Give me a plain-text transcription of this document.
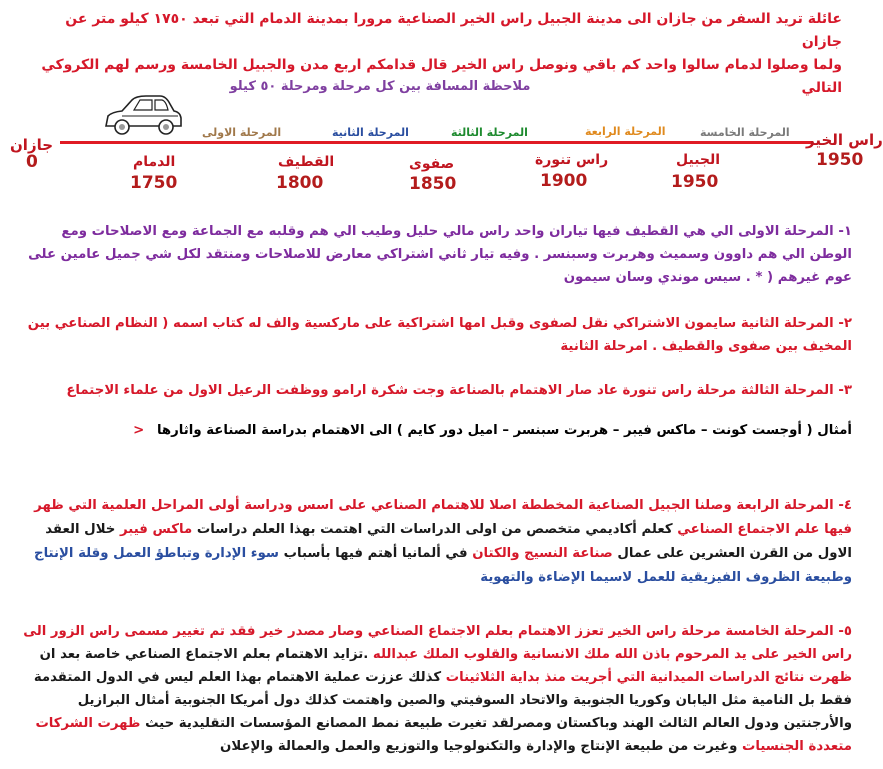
عائلة تريد السفر من جازان الى مدينة الجبيل راس الخير الصناعية مرورا بمدينة الدمام التي تبعد ١٧٥٠ كيلو متر عن جازان
ولما وصلوا لدمام سالوا واحد كم باقي ونوصل راس الخير قال قدامكم اربع مدن والجبيل الخامسة ورسم لهم الكروكي التالي
ملاحظة المسافة بين كل مرحلة ومرحلة ٥٠ كيلو
المرحلة الخامسة
المرحلة الرابعة
المرحلة الثالثة
المرحلة الثانية
المرحلة الاولى	راس الخير
1950
جازان
0	الجبيل
1950
راس تنورة
1900
صفوى
1850
القطيف
1800
الدمام
1750
١- المرحلة الاولى الي هي القطيف فيها تياران واحد راس مالي حليل وطيب الي هم وقلبه مع الجماعة ومع الاصلاحات ومع الوطن الي هم داوون وسميث وهربرت وسبنسر . وفيه تيار ثاني اشتراكي معارض للاصلاحات ومنتقد لكل شي جميل عامين على عوم غيرهم ( * . سيس موندي وسان سيمون
٢- المرحلة الثانية سايمون الاشتراكي نقل لصفوى وقبل امها اشتراكية على ماركسية والف له كتاب اسمه ( النظام الصناعي بين المخيف بين صفوى والقطيف . امرحلة الثانية
٣- المرحلة الثالثة مرحلة راس تنورة عاد صار الاهتمام بالصناعة وجت شكرة ارامو ووظفت الرعيل الاول من علماء الاجتماع
أمثال ( أوجست كونت – ماكس فيبر – هربرت سبنسر – اميل دور كايم ) الى الاهتمام بدراسة الصناعة واثارها <
٤- المرحلة الرابعة وصلنا الجبيل الصناعية المخططة اصلا للاهتمام الصناعي على اسس ودراسة أولى المراحل العلمية التي ظهر فيها علم الاجتماع الصناعي كعلم أكاديمي متخصص من اولى الدراسات التي اهتمت بهذا العلم دراسات ماكس فيبر خلال العقد الاول من القرن العشرين على عمال صناعة النسيج والكتان في ألمانيا أهتم فيها بأسباب سوء الإدارة وتباطؤ العمل وقلة الإنتاج وطبيعة الظروف الفيزيقية للعمل لاسيما الإضاءة والتهوية
٥- المرحلة الخامسة مرحلة راس الخير تعزز الاهتمام بعلم الاجتماع الصناعي وصار مصدر خير فقد تم تغيير مسمى راس الزور الى راس الخير على يد المرحوم باذن الله ملك الانسانية والقلوب الملك عبدالله .تزايد الاهتمام بعلم الاجتماع الصناعي خاصة بعد ان ظهرت نتائج الدراسات الميدانية التي أجريت منذ بداية الثلاثينات كذلك عززت عملية الاهتمام بهذا العلم ليس في الدول المتقدمة فقط بل النامية مثل اليابان وكوريا الجنوبية والاتحاد السوفيتي والصين واهتمت كذلك دول أمريكا الجنوبية أمثال البرازيل والأرجنتين ودول العالم الثالث الهند وباكستان ومصرلقد تغيرت طبيعة نمط المصانع المؤسسات التقليدية حيث ظهرت الشركات متعددة الجنسيات وغيرت من طبيعة الإنتاج والإدارة والتكنولوجيا والتوزيع والعمل والعمالة والإعلان
